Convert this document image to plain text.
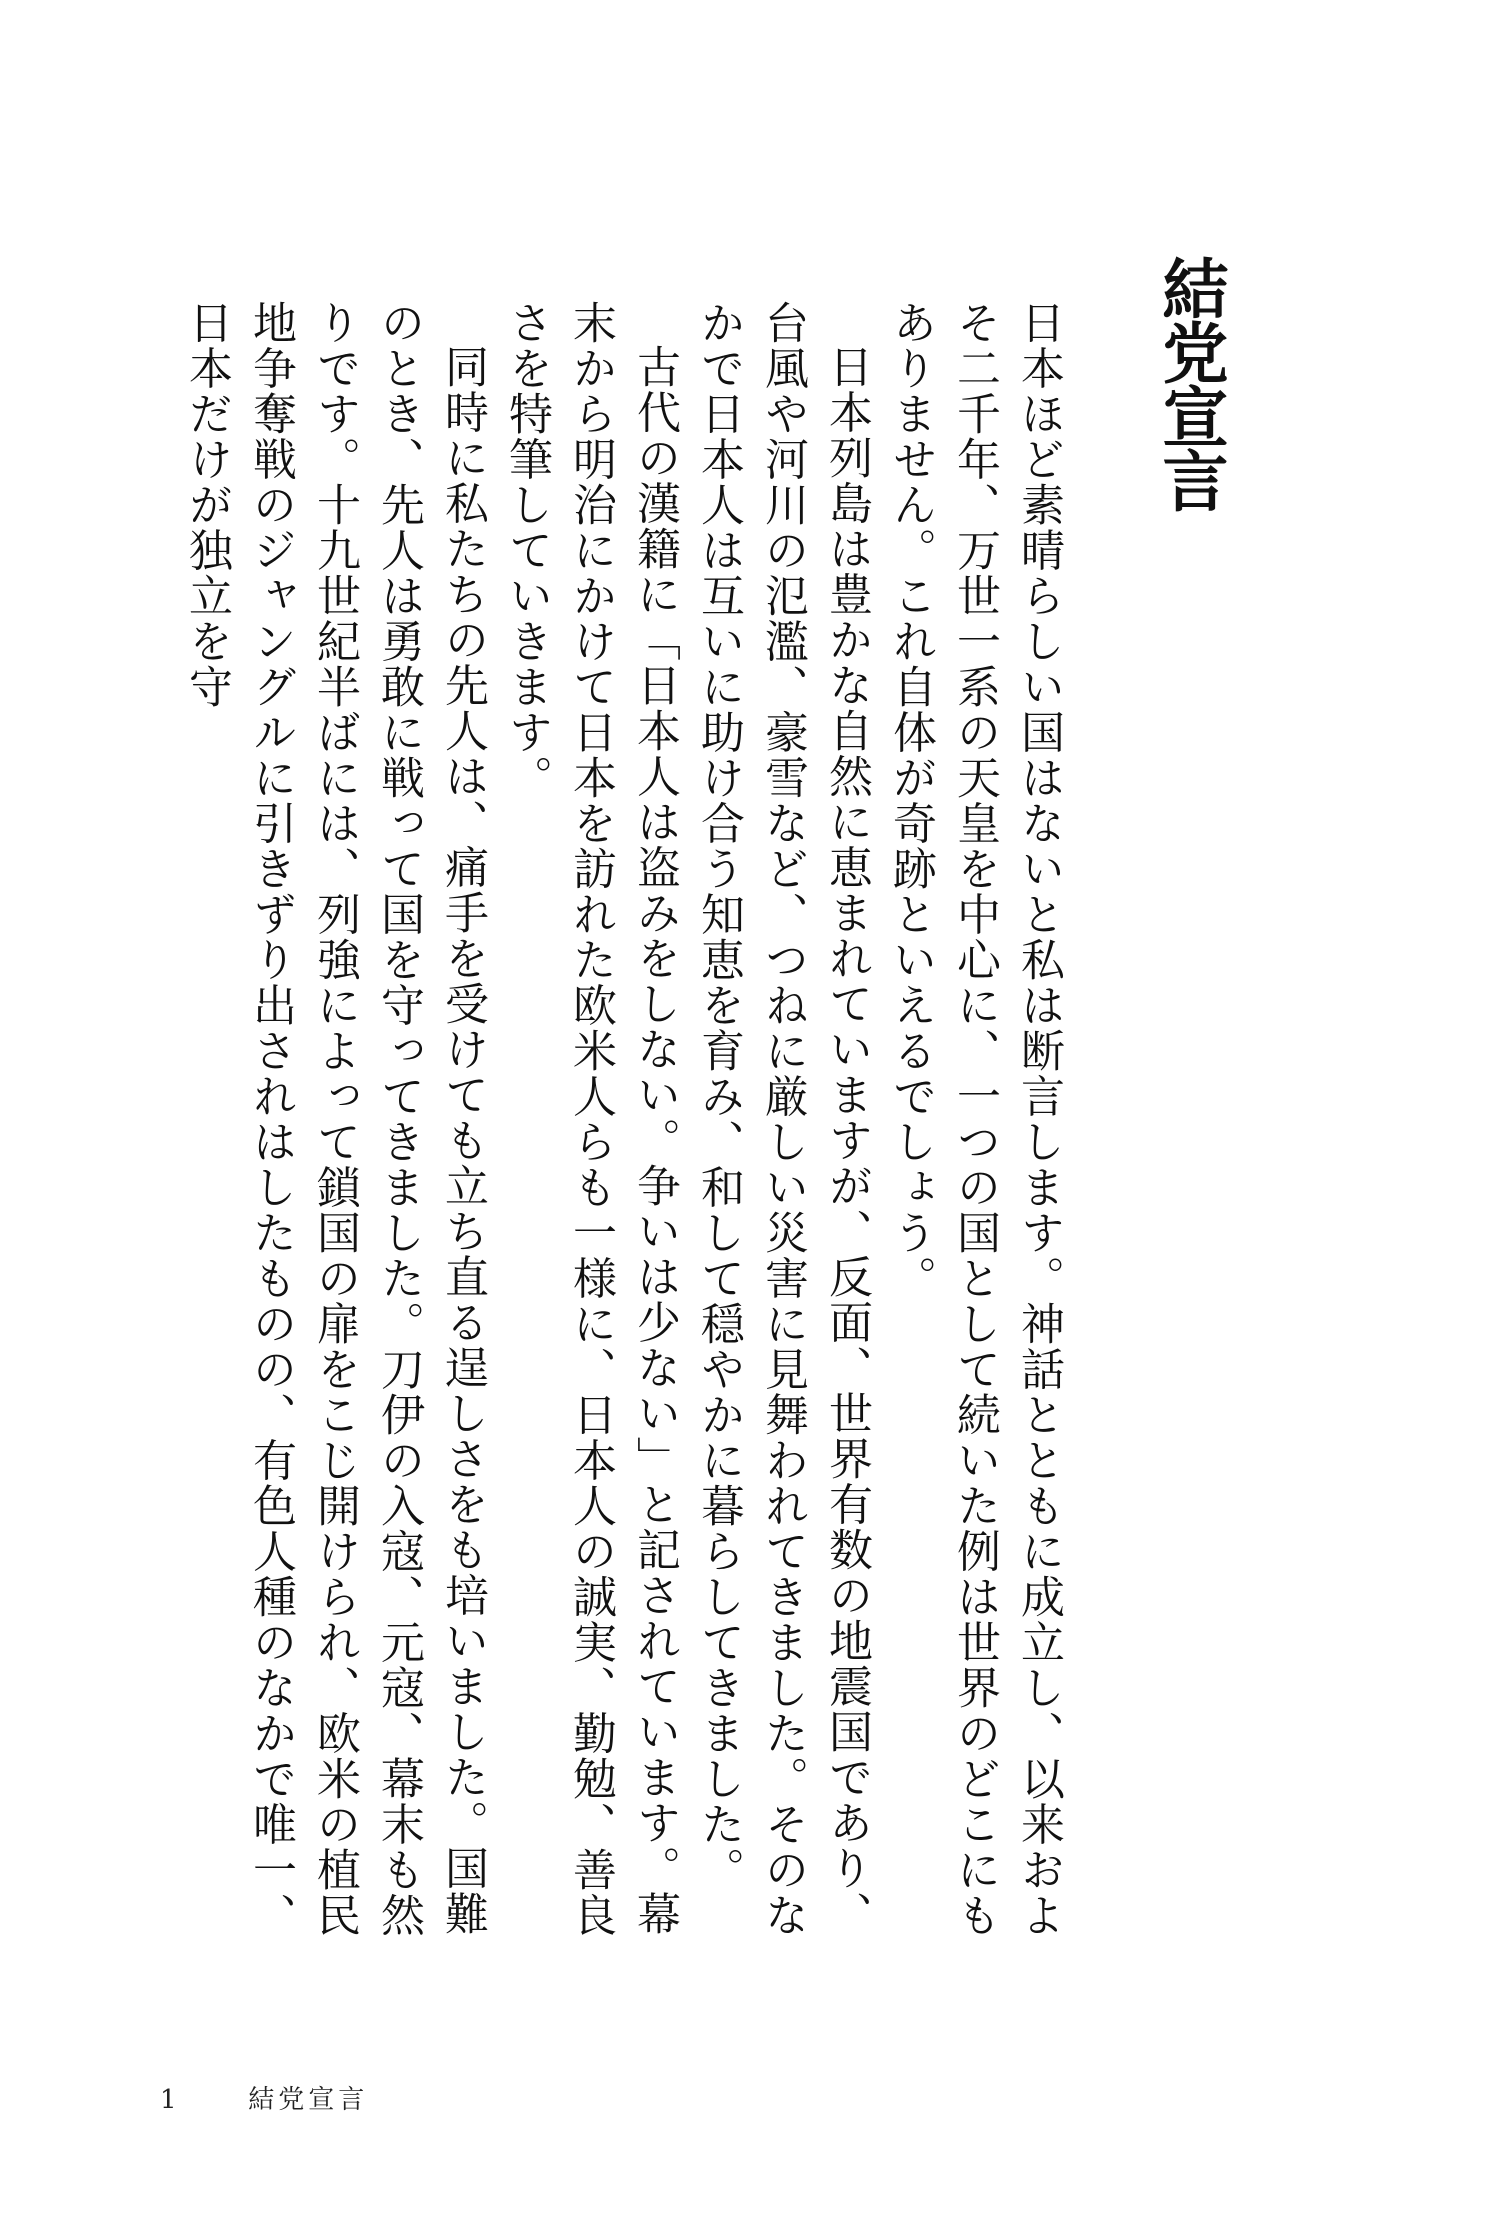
結党宣言

日本ほど素晴らしい国はないと私は断言します。神話とともに成立し、以来およそ二千年、万世一系の天皇を中心に、一つの国として続いた例は世界のどこにもありません。これ自体が奇跡といえるでしょう。

日本列島は豊かな自然に恵まれていますが、反面、世界有数の地震国であり、台風や河川の氾濫、豪雪など、つねに厳しい災害に見舞われてきました。そのなかで日本人は互いに助け合う知恵を育み、和して穏やかに暮らしてきました。

古代の漢籍に「日本人は盗みをしない。争いは少ない」と記されています。幕末から明治にかけて日本を訪れた欧米人らも一様に、日本人の誠実、勤勉、善良さを特筆していきます。

同時に私たちの先人は、痛手を受けても立ち直る逞しさをも培いました。国難のとき、先人は勇敢に戦って国を守ってきました。刀伊の入寇、元寇、幕末も然りです。十九世紀半ばには、列強によって鎖国の扉をこじ開けられ、欧米の植民地争奪戦のジャングルに引きずり出されはしたものの、有色人種のなかで唯一、日本だけが独立を守

1	結党宣言
